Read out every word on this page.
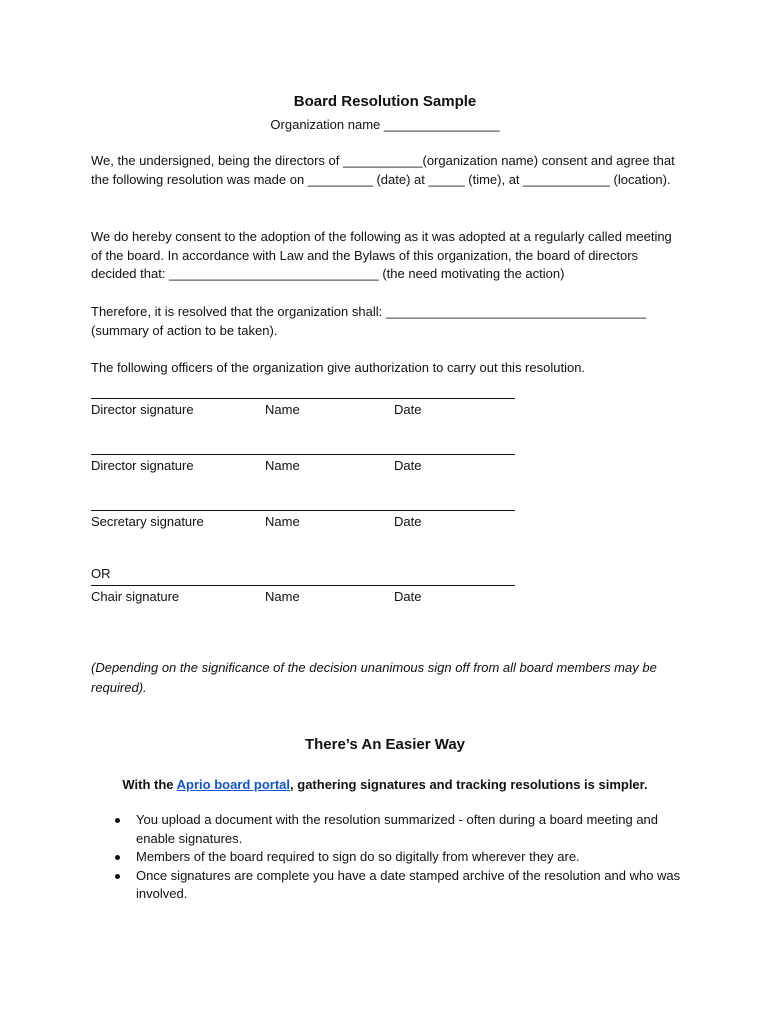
Board Resolution Sample
Organization name ________________

We, the undersigned, being the directors of ___________(organization name) consent and agree that the following resolution was made on _________ (date) at _____ (time), at ____________ (location).

We do hereby consent to the adoption of the following as it was adopted at a regularly called meeting of the board. In accordance with Law and the Bylaws of this organization, the board of directors decided that: _____________________________ (the need motivating the action)

Therefore, it is resolved that the organization shall: ____________________________________ (summary of action to be taken).

The following officers of the organization give authorization to carry out this resolution.

Director signature	Name	Date
Director signature	Name	Date
Secretary signature	Name	Date
OR
Chair signature	Name	Date

(Depending on the significance of the decision unanimous sign off from all board members may be required).

There’s An Easier Way
With the Aprio board portal, gathering signatures and tracking resolutions is simpler.
You upload a document with the resolution summarized - often during a board meeting and enable signatures.
Members of the board required to sign do so digitally from wherever they are.
Once signatures are complete you have a date stamped archive of the resolution and who was involved.
